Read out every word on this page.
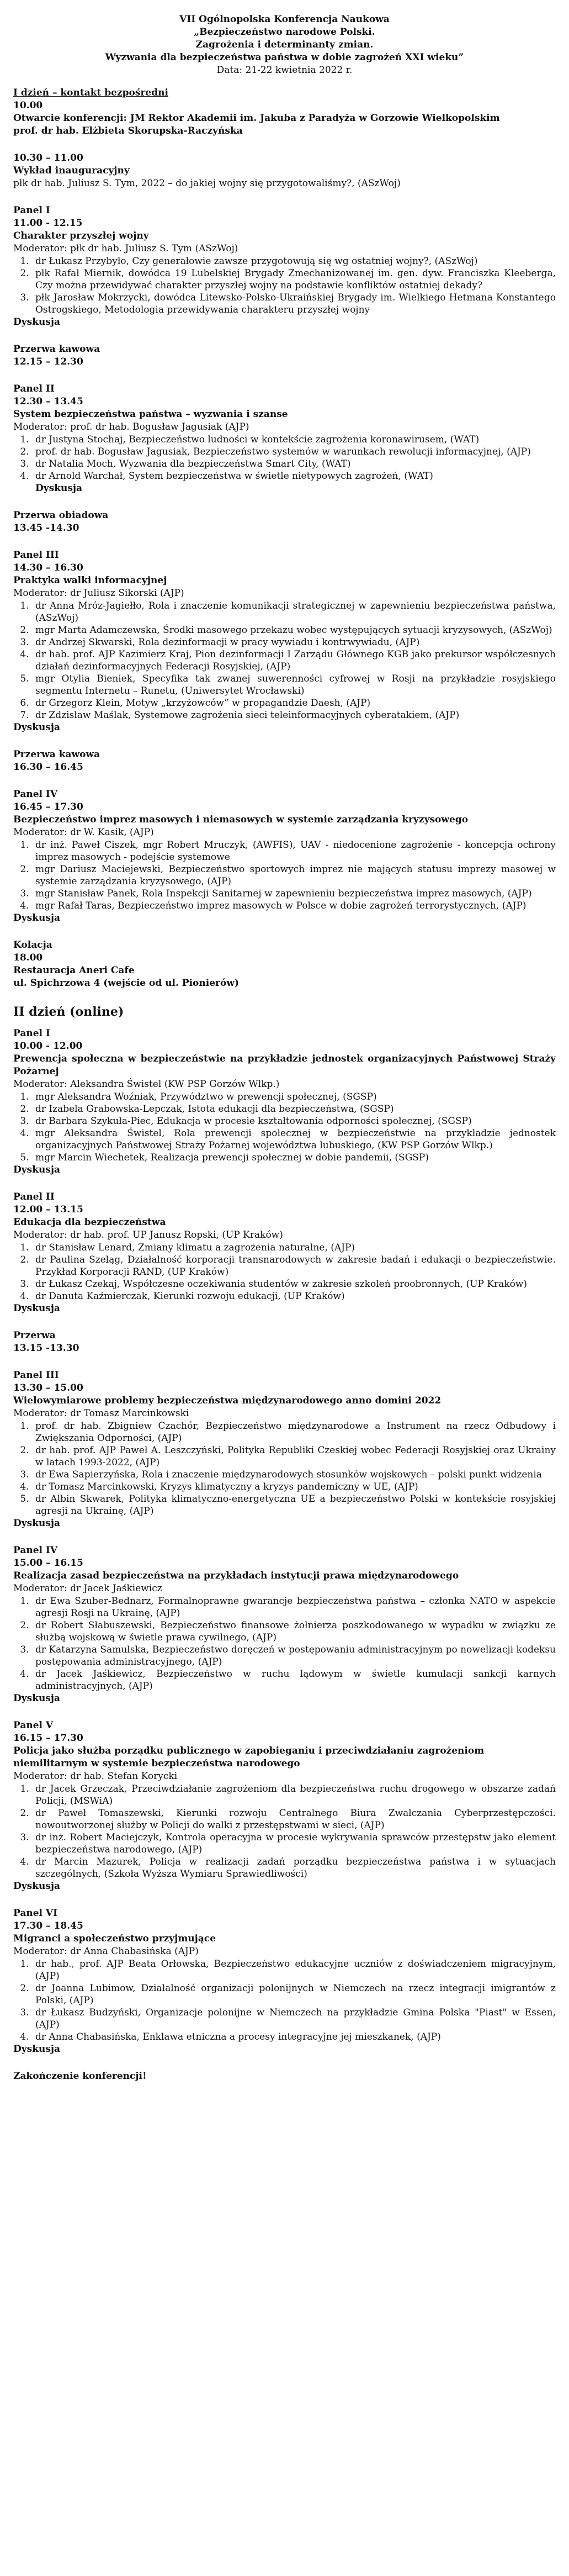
VII Ogólnopolska Konferencja Naukowa
„Bezpieczeństwo narodowe Polski.
Zagrożenia i determinanty zmian.
Wyzwania dla bezpieczeństwa państwa w dobie zagrożeń XXI wieku”
Data: 21-22 kwietnia 2022 r.
I dzień – kontakt bezpośredni
10.00
Otwarcie konferencji: JM Rektor Akademii im. Jakuba z Paradyża w Gorzowie Wielkopolskim
prof. dr hab. Elżbieta Skorupska-Raczyńska
10.30 – 11.00
Wykład inauguracyjny
płk dr hab. Juliusz S. Tym, 2022 – do jakiej wojny się przygotowaliśmy?, (ASzWoj)
Panel I
11.00 - 12.15
Charakter przyszłej wojny
Moderator: płk dr hab. Juliusz S. Tym (ASzWoj)
1. dr Łukasz Przybyło, Czy generałowie zawsze przygotowują się wg ostatniej wojny?, (ASzWoj)
2. płk Rafał Miernik, dowódca 19 Lubelskiej Brygady Zmechanizowanej im. gen. dyw. Franciszka Kleeberga, Czy można przewidywać charakter przyszłej wojny na podstawie konfliktów ostatniej dekady?
3. płk Jarosław Mokrzycki, dowódca Litewsko-Polsko-Ukraińskiej Brygady im. Wielkiego Hetmana Konstantego Ostrogskiego, Metodologia przewidywania charakteru przyszłej wojny
Dyskusja
Przerwa kawowa
12.15 – 12.30
Panel II
12.30 – 13.45
System bezpieczeństwa państwa – wyzwania i szanse
Moderator: prof. dr hab. Bogusław Jagusiak (AJP)
1. dr Justyna Stochaj, Bezpieczeństwo ludności w kontekście zagrożenia koronawirusem, (WAT)
2. prof. dr hab. Bogusław Jagusiak, Bezpieczeństwo systemów w warunkach rewolucji informacyjnej, (AJP)
3. dr Natalia Moch, Wyzwania dla bezpieczeństwa Smart City, (WAT)
4. dr Arnold Warchał, System bezpieczeństwa w świetle nietypowych zagrożeń, (WAT)
Dyskusja
Przerwa obiadowa
13.45 -14.30
Panel III
14.30 – 16.30
Praktyka walki informacyjnej
Moderator: dr Juliusz Sikorski (AJP)
1. dr Anna Mróz-Jagiełło, Rola i znaczenie komunikacji strategicznej w zapewnieniu bezpieczeństwa państwa, (ASzWoj)
2. mgr Marta Adamczewska, Środki masowego przekazu wobec występujących sytuacji kryzysowych, (ASzWoj)
3. dr Andrzej Skwarski, Rola dezinformacji w pracy wywiadu i kontrwywiadu, (AJP)
4. dr hab. prof. AJP Kazimierz Kraj, Pion dezinformacji I Zarządu Głównego KGB jako prekursor współczesnych działań dezinformacyjnych Federacji Rosyjskiej, (AJP)
5. mgr Otylia Bieniek, Specyfika tak zwanej suwerenności cyfrowej w Rosji na przykładzie rosyjskiego segmentu Internetu – Runetu, (Uniwersytet Wrocławski)
6. dr Grzegorz Klein, Motyw „krzyżowców” w propagandzie Daesh, (AJP)
7. dr Zdzisław Maślak, Systemowe zagrożenia sieci teleinformacyjnych cyberatakiem, (AJP)
Dyskusja
Przerwa kawowa
16.30 – 16.45
Panel IV
16.45 – 17.30
Bezpieczeństwo imprez masowych i niemasowych w systemie zarządzania kryzysowego
Moderator: dr W. Kasik, (AJP)
1. dr inż. Paweł Ciszek, mgr Robert Mruczyk, (AWFIS), UAV - niedocenione zagrożenie - koncepcja ochrony imprez masowych - podejście systemowe
2. mgr Dariusz Maciejewski, Bezpieczeństwo sportowych imprez nie mających statusu imprezy masowej w systemie zarządzania kryzysowego, (AJP)
3. mgr Stanisław Panek, Rola Inspekcji Sanitarnej w zapewnieniu bezpieczeństwa imprez masowych, (AJP)
4. mgr Rafał Taras, Bezpieczeństwo imprez masowych w Polsce w dobie zagrożeń terrorystycznych, (AJP)
Dyskusja
Kolacja
18.00
Restauracja Aneri Cafe
ul. Spichrzowa 4 (wejście od ul. Pionierów)
II dzień (online)
Panel I
10.00 - 12.00
Prewencja społeczna w bezpieczeństwie na przykładzie jednostek organizacyjnych Państwowej Straży Pożarnej
Moderator: Aleksandra Świstel (KW PSP Gorzów Wlkp.)
1. mgr Aleksandra Woźniak, Przywództwo w prewencji społecznej, (SGSP)
2. dr Izabela Grabowska-Lepczak, Istota edukacji dla bezpieczeństwa, (SGSP)
3. dr Barbara Szykuła-Piec, Edukacja w procesie kształtowania odporności społecznej, (SGSP)
4. mgr Aleksandra Świstel, Rola prewencji społecznej w bezpieczeństwie na przykładzie jednostek organizacyjnych Państwowej Straży Pożarnej województwa lubuskiego, (KW PSP Gorzów Wlkp.)
5. mgr Marcin Wiechetek, Realizacja prewencji społecznej w dobie pandemii, (SGSP)
Dyskusja
Panel II
12.00 – 13.15
Edukacja dla bezpieczeństwa
Moderator: dr hab. prof. UP Janusz Ropski, (UP Kraków)
1. dr Stanisław Lenard, Zmiany klimatu a zagrożenia naturalne, (AJP)
2. dr Paulina Szeląg, Działalność korporacji transnarodowych w zakresie badań i edukacji o bezpieczeństwie. Przykład Korporacji RAND, (UP Kraków)
3. dr Łukasz Czekaj, Współczesne oczekiwania studentów w zakresie szkoleń proobronnych, (UP Kraków)
4. dr Danuta Kaźmierczak, Kierunki rozwoju edukacji, (UP Kraków)
Dyskusja
Przerwa
13.15 -13.30
Panel III
13.30 – 15.00
Wielowymiarowe problemy bezpieczeństwa międzynarodowego anno domini 2022
Moderator: dr Tomasz Marcinkowski
1. prof. dr hab. Zbigniew Czachór, Bezpieczeństwo międzynarodowe a Instrument na rzecz Odbudowy i Zwiększania Odporności, (AJP)
2. dr hab. prof. AJP Paweł A. Leszczyński, Polityka Republiki Czeskiej wobec Federacji Rosyjskiej oraz Ukrainy w latach 1993-2022, (AJP)
3. dr Ewa Sapierzyńska, Rola i znaczenie międzynarodowych stosunków wojskowych – polski punkt widzenia
4. dr Tomasz Marcinkowski, Kryzys klimatyczny a kryzys pandemiczny w UE, (AJP)
5. dr Albin Skwarek, Polityka klimatyczno-energetyczna UE a bezpieczeństwo Polski w kontekście rosyjskiej agresji na Ukrainę, (AJP)
Dyskusja
Panel IV
15.00 – 16.15
Realizacja zasad bezpieczeństwa na przykładach instytucji prawa międzynarodowego
Moderator: dr Jacek Jaśkiewicz
1. dr Ewa Szuber-Bednarz, Formalnoprawne gwarancje bezpieczeństwa państwa – członka NATO w aspekcie agresji Rosji na Ukrainę, (AJP)
2. dr Robert Słabuszewski, Bezpieczeństwo finansowe żołnierza poszkodowanego w wypadku w związku ze służbą wojskową w świetle prawa cywilnego, (AJP)
3. dr Katarzyna Samulska, Bezpieczeństwo doręczeń w postępowaniu administracyjnym po nowelizacji kodeksu postępowania administracyjnego, (AJP)
4. dr Jacek Jaśkiewicz, Bezpieczeństwo w ruchu lądowym w świetle kumulacji sankcji karnych administracyjnych, (AJP)
Dyskusja
Panel V
16.15 – 17.30
Policja jako służba porządku publicznego w zapobieganiu i przeciwdziałaniu zagrożeniom niemilitarnym w systemie bezpieczeństwa narodowego
Moderator: dr hab. Stefan Korycki
1. dr Jacek Grzeczak, Przeciwdziałanie zagrożeniom dla bezpieczeństwa ruchu drogowego w obszarze zadań Policji, (MSWiA)
2. dr Paweł Tomaszewski, Kierunki rozwoju Centralnego Biura Zwalczania Cyberprzestępczości. nowoutworzonej służby w Policji do walki z przestępstwami w sieci, (AJP)
3. dr inż. Robert Maciejczyk, Kontrola operacyjna w procesie wykrywania sprawców przestępstw jako element bezpieczeństwa narodowego, (AJP)
4. dr Marcin Mazurek, Policja w realizacji zadań porządku bezpieczeństwa państwa i w sytuacjach szczególnych, (Szkoła Wyższa Wymiaru Sprawiedliwości)
Dyskusja
Panel VI
17.30 – 18.45
Migranci a społeczeństwo przyjmujące
Moderator: dr Anna Chabasińska (AJP)
1. dr hab., prof. AJP Beata Orłowska, Bezpieczeństwo edukacyjne uczniów z doświadczeniem migracyjnym, (AJP)
2. dr Joanna Lubimow, Działalność organizacji polonijnych w Niemczech na rzecz integracji imigrantów z Polski, (AJP)
3. dr Łukasz Budzyński, Organizacje polonijne w Niemczech na przykładzie Gmina Polska "Piast" w Essen, (AJP)
4. dr Anna Chabasińska, Enklawa etniczna a procesy integracyjne jej mieszkanek, (AJP)
Dyskusja
Zakończenie konferencji!
